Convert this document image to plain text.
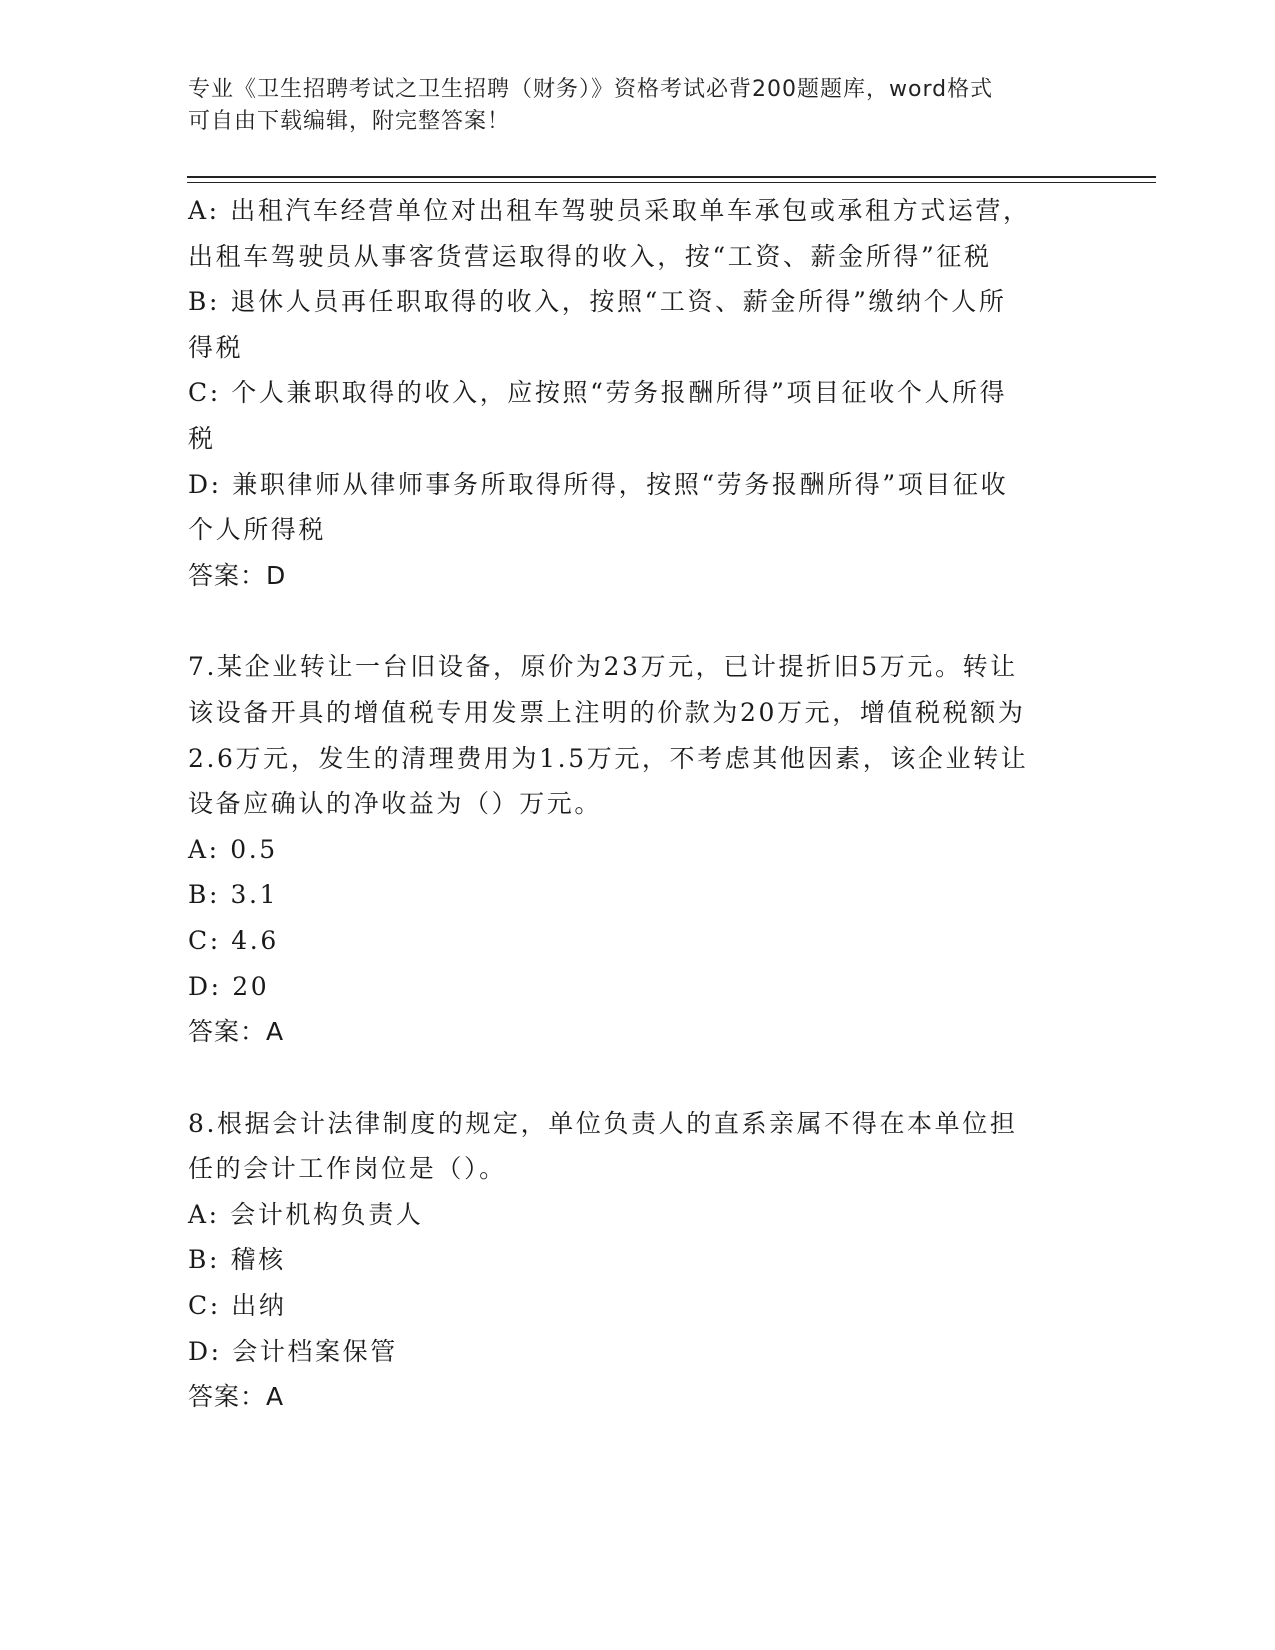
专业《卫生招聘考试之卫生招聘（财务）》资格考试必背200题题库，word格式
可自由下载编辑，附完整答案！

A: 出租汽车经营单位对出租车驾驶员采取单车承包或承租方式运营，

出租车驾驶员从事客货营运取得的收入，按“工资、薪金所得”征税

B: 退休人员再任职取得的收入，按照“工资、薪金所得”缴纳个人所

得税

C: 个人兼职取得的收入，应按照“劳务报酬所得”项目征收个人所得

税

D: 兼职律师从律师事务所取得所得，按照“劳务报酬所得”项目征收

个人所得税

答案：D

7.某企业转让一台旧设备，原价为23万元，已计提折旧5万元。转让

该设备开具的增值税专用发票上注明的价款为20万元，增值税税额为

2.6万元，发生的清理费用为1.5万元，不考虑其他因素，该企业转让

设备应确认的净收益为（）万元。

A: 0.5

B: 3.1

C: 4.6

D: 20

答案：A

8.根据会计法律制度的规定，单位负责人的直系亲属不得在本单位担

任的会计工作岗位是（）。

A: 会计机构负责人

B: 稽核

C: 出纳

D: 会计档案保管

答案：A
